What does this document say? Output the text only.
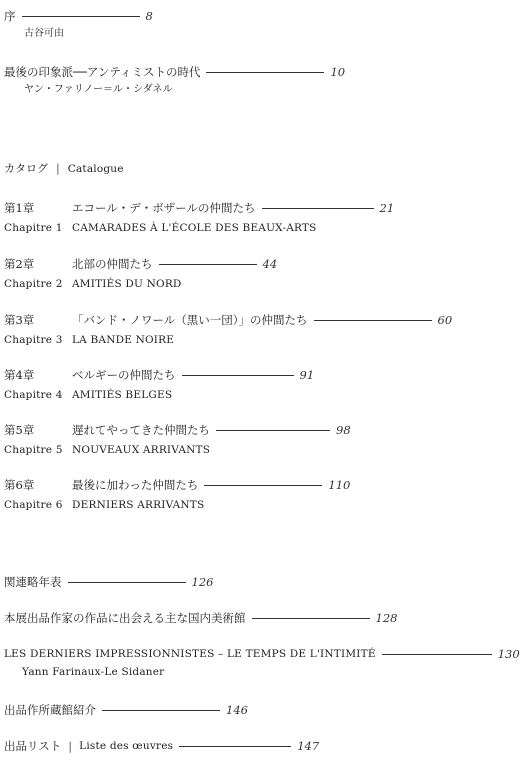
序	8
古谷可由
最後の印象派──アンティミストの時代	10
ヤン・ファリノー＝ル・シダネル
カタログ | Catalogue
第1章	エコール・デ・ボザールの仲間たち	21
Chapitre 1 CAMARADES À L'ÉCOLE DES BEAUX-ARTS
第2章	北部の仲間たち	44
Chapitre 2 AMITIÉS DU NORD
第3章	「バンド・ノワール（黒い一団）」の仲間たち	60
Chapitre 3 LA BANDE NOIRE
第4章	ベルギーの仲間たち	91
Chapitre 4 AMITIÉS BELGES
第5章	遅れてやってきた仲間たち	98
Chapitre 5 NOUVEAUX ARRIVANTS
第6章	最後に加わった仲間たち	110
Chapitre 6 DERNIERS ARRIVANTS
関連略年表	126
本展出品作家の作品に出会える主な国内美術館	128
LES DERNIERS IMPRESSIONNISTES – LE TEMPS DE L'INTIMITÉ	130
Yann Farinaux-Le Sidaner
出品作所蔵館紹介	146
出品リスト | Liste des œuvres	147
